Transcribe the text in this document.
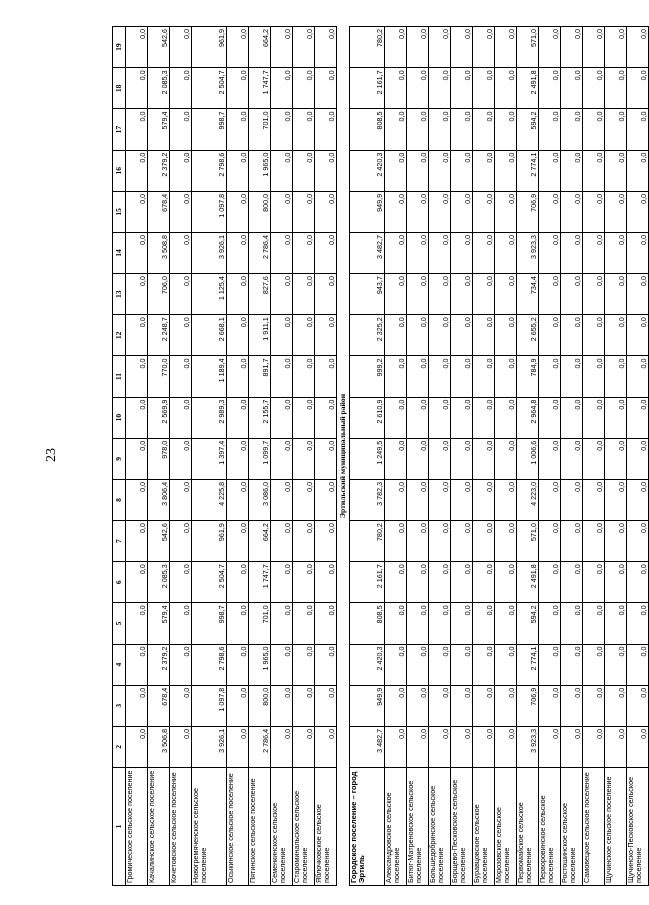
23
1	2	3	4	5	6	7	8	9	10	11	12	13	14	15	16	17	18	19
Громическое сельское поселение	0,0	0,0	0,0	0,0	0,0	0,0	0,0	0,0	0,0	0,0	0,0	0,0	0,0	0,0	0,0	0,0	0,0	0,0
Качалинское сельское поселение	3 506,8	678,4	2 379,2	579,4	2 085,3	542,6	3 806,4	978,0	2 569,9	770,0	2 248,7	706,0	3 508,8	678,4	2 379,2	579,4	2 085,3	542,6
Кочетовское сельское поселение	0,0	0,0	0,0	0,0	0,0	0,0	0,0	0,0	0,0	0,0	0,0	0,0	0,0	0,0	0,0	0,0	0,0	0,0
Новогремяченское сельское поселение	3 926,1	1 097,8	2 798,6	998,7	2 504,7	961,9	4 225,8	1 397,4	2 989,3	1 189,4	2 668,1	1 125,4	3 926,1	1 097,8	2 798,6	998,7	2 504,7	961,9
Осыкинское сельское поселение	0,0	0,0	0,0	0,0	0,0	0,0	0,0	0,0	0,0	0,0	0,0	0,0	0,0	0,0	0,0	0,0	0,0	0,0
Пятинское сельское поселение	2 786,4	800,0	1 965,0	701,0	1 747,7	664,2	3 086,0	1 099,7	2 155,7	891,7	1 911,1	827,6	2 786,4	800,0	1 965,0	701,0	1 747,7	664,2
Семенкинское сельское поселение	0,0	0,0	0,0	0,0	0,0	0,0	0,0	0,0	0,0	0,0	0,0	0,0	0,0	0,0	0,0	0,0	0,0	0,0
Староминальское сельское поселение	0,0	0,0	0,0	0,0	0,0	0,0	0,0	0,0	0,0	0,0	0,0	0,0	0,0	0,0	0,0	0,0	0,0	0,0
Яблочковское сельское поселение	0,0	0,0	0,0	0,0	0,0	0,0	0,0	0,0	0,0	0,0	0,0	0,0	0,0	0,0	0,0	0,0	0,0	0,0
Эртильский муниципальный район																		
Городское поселение – город Эртиль	3 482,7	949,9	2 420,3	808,5	2 161,7	780,2	3 782,3	1 249,5	2 610,9	999,2	2 325,2	943,7	3 482,7	949,9	2 420,3	808,5	2 161,7	780,2
Александровское сельское поселение	0,0	0,0	0,0	0,0	0,0	0,0	0,0	0,0	0,0	0,0	0,0	0,0	0,0	0,0	0,0	0,0	0,0	0,0
Битюг-Матреновское сельское поселение	0,0	0,0	0,0	0,0	0,0	0,0	0,0	0,0	0,0	0,0	0,0	0,0	0,0	0,0	0,0	0,0	0,0	0,0
Большедобринское сельское поселение	0,0	0,0	0,0	0,0	0,0	0,0	0,0	0,0	0,0	0,0	0,0	0,0	0,0	0,0	0,0	0,0	0,0	0,0
Борщево-Песковское сельское поселение	0,0	0,0	0,0	0,0	0,0	0,0	0,0	0,0	0,0	0,0	0,0	0,0	0,0	0,0	0,0	0,0	0,0	0,0
Буравцовское сельское поселение	0,0	0,0	0,0	0,0	0,0	0,0	0,0	0,0	0,0	0,0	0,0	0,0	0,0	0,0	0,0	0,0	0,0	0,0
Морозовское сельское поселение	0,0	0,0	0,0	0,0	0,0	0,0	0,0	0,0	0,0	0,0	0,0	0,0	0,0	0,0	0,0	0,0	0,0	0,0
Первомайское сельское поселение	3 923,3	706,9	2 774,1	594,2	2 491,8	571,0	4 223,0	1 006,6	2 964,8	784,9	2 655,2	734,4	3 923,3	706,9	2 774,1	594,2	2 491,8	571,0
Перворовинское сельское поселение	0,0	0,0	0,0	0,0	0,0	0,0	0,0	0,0	0,0	0,0	0,0	0,0	0,0	0,0	0,0	0,0	0,0	0,0
Ростошинское сельское поселение	0,0	0,0	0,0	0,0	0,0	0,0	0,0	0,0	0,0	0,0	0,0	0,0	0,0	0,0	0,0	0,0	0,0	0,0
Самовецкое сельское поселение	0,0	0,0	0,0	0,0	0,0	0,0	0,0	0,0	0,0	0,0	0,0	0,0	0,0	0,0	0,0	0,0	0,0	0,0
Щучинское сельское поселение	0,0	0,0	0,0	0,0	0,0	0,0	0,0	0,0	0,0	0,0	0,0	0,0	0,0	0,0	0,0	0,0	0,0	0,0
Щучинско-Песковское сельское поселение	0,0	0,0	0,0	0,0	0,0	0,0	0,0	0,0	0,0	0,0	0,0	0,0	0,0	0,0	0,0	0,0	0,0	0,0
